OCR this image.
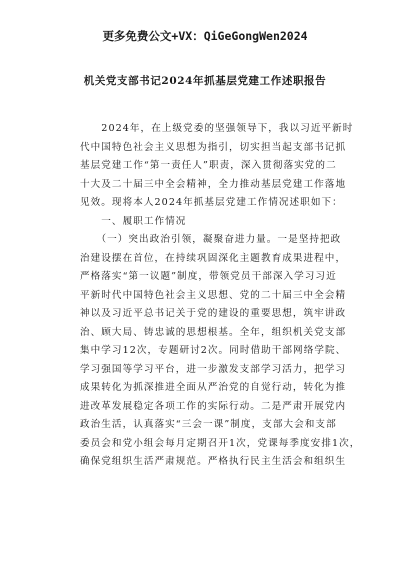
更多免费公文+VX：QiGeGongWen2024
机关党支部书记2024年抓基层党建工作述职报告
　　2024年，在上级党委的坚强领导下，我以习近平新时
代中国特色社会主义思想为指引，切实担当起支部书记抓
基层党建工作“第一责任人”职责，深入贯彻落实党的二
十大及二十届三中全会精神，全力推动基层党建工作落地
见效。现将本人2024年抓基层党建工作情况述职如下：
　　一、履职工作情况
　　（一）突出政治引领，凝聚奋进力量。一是坚持把政
治建设摆在首位，在持续巩固深化主题教育成果进程中，
严格落实“第一议题”制度，带领党员干部深入学习习近
平新时代中国特色社会主义思想、党的二十届三中全会精
神以及习近平总书记关于党的建设的重要思想，筑牢讲政
治、顾大局、铸忠诚的思想根基。全年，组织机关党支部
集中学习12次，专题研讨2次。同时借助干部网络学院、
学习强国等学习平台，进一步激发支部学习活力，把学习
成果转化为抓深推进全面从严治党的自觉行动，转化为推
进改革发展稳定各项工作的实际行动。二是严肃开展党内
政治生活，认真落实“三会一课”制度，支部大会和支部
委员会和党小组会每月定期召开1次，党课每季度安排1次，
确保党组织生活严肃规范。严格执行民主生活会和组织生
